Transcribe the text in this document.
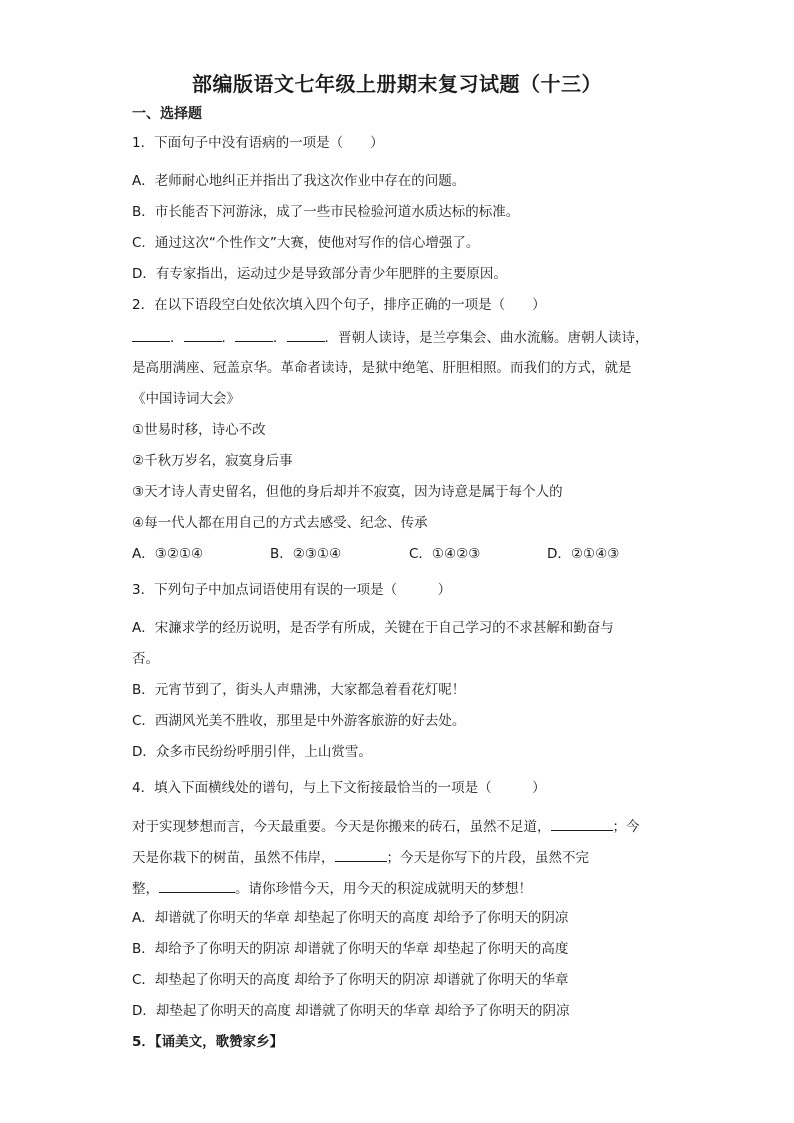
部编版语文七年级上册期末复习试题（十三）
一、选择题
1．下面句子中没有语病的一项是（　　）
A．老师耐心地纠正并指出了我这次作业中存在的问题。
B．市长能否下河游泳，成了一些市民检验河道水质达标的标准。
C．通过这次“个性作文”大赛，使他对写作的信心增强了。
D．有专家指出，运动过少是导致部分青少年肥胖的主要原因。
2．在以下语段空白处依次填入四个句子，排序正确的一项是（　　）
．	．	．	．晋朝人读诗，是兰亭集会、曲水流觞。唐朝人读诗，
是高朋满座、冠盖京华。革命者读诗，是狱中绝笔、肝胆相照。而我们的方式，就是
《中国诗词大会》
①世易时移，诗心不改
②千秋万岁名，寂寞身后事
③天才诗人青史留名，但他的身后却并不寂寞，因为诗意是属于每个人的
④每一代人都在用自己的方式去感受、纪念、传承
A．③②①④	B．②③①④	C．①④②③	D．②①④③
3．下列句子中加点词语使用有误的一项是（　　　）
A．宋濂求学的经历说明，是否学有所成，关键在于自己学习的不求甚解和勤奋与
否。
B．元宵节到了，街头人声鼎沸，大家都急着看花灯呢！
C．西湖风光美不胜收，那里是中外游客旅游的好去处。
D．众多市民纷纷呼朋引伴，上山赏雪。
4．填入下面横线处的谱句，与上下文衔接最恰当的一项是（　　　）
对于实现梦想而言，今天最重要。今天是你搬来的砖石，虽然不足道，	；今
天是你栽下的树苗，虽然不伟岸，	；今天是你写下的片段，虽然不完
整，	。请你珍惜今天，用今天的积淀成就明天的梦想！
A．却谱就了你明天的华章 却垫起了你明天的高度 却给予了你明天的阴凉
B．却给予了你明天的阴凉 却谱就了你明天的华章 却垫起了你明天的高度
C．却垫起了你明天的高度 却给予了你明天的阴凉 却谱就了你明天的华章
D．却垫起了你明天的高度 却谱就了你明天的华章 却给予了你明天的阴凉
5．【诵美文，歌赞家乡】
